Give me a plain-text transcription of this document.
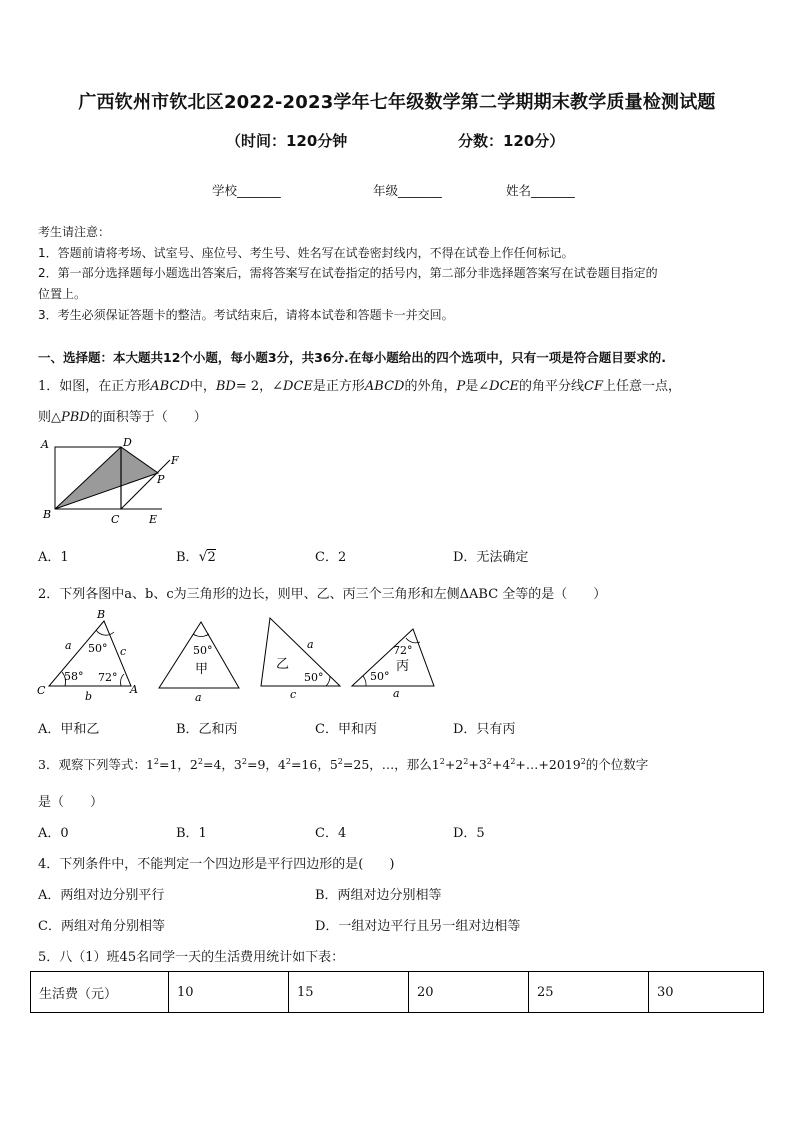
广西钦州市钦北区2022-2023学年七年级数学第二学期期末教学质量检测试题
（时间：120分钟	分数：120分）
学校_______	年级_______	姓名_______
考生请注意：
1．答题前请将考场、试室号、座位号、考生号、姓名写在试卷密封线内，不得在试卷上作任何标记。
2．第一部分选择题每小题选出答案后，需将答案写在试卷指定的括号内，第二部分非选择题答案写在试卷题目指定的
位置上。
3．考生必须保证答题卡的整洁。考试结束后，请将本试卷和答题卡一并交回。
一、选择题：本大题共12个小题，每小题3分，共36分.在每小题给出的四个选项中，只有一项是符合题目要求的.
1．如图，在正方形ABCD中，BD= 2，∠DCE是正方形ABCD的外角，P是∠DCE的角平分线CF上任意一点，
则△PBD的面积等于（　　）
A	D
F
P
B	C	E
A．1	B．√2	C．2	D．无法确定
2．下列各图中a、b、c为三角形的边长，则甲、乙、丙三个三角形和左侧ΔABC 全等的是（　　）
B
A
C
a	c
b
50°
58° 72°
50°
甲
a
乙
a
50°
c
72°
丙
50°
a
A．甲和乙	B．乙和丙	C．甲和丙	D．只有丙
3．观察下列等式：$1^2=1$，$2^2=4$，$3^2=9$，$4^2=16$，$5^2=25$，…，那么$1^2+2^2+3^2+4^2+\dots+2019^2$的个位数字
是（　　）
A．0	B．1	C．4	D．5
4．下列条件中，不能判定一个四边形是平行四边形的是(　　)
A．两组对边分别平行	B．两组对边分别相等
C．两组对角分别相等	D．一组对边平行且另一组对边相等
5．八（1）班45名同学一天的生活费用统计如下表：
生活费（元）	10	15	20	25	30
